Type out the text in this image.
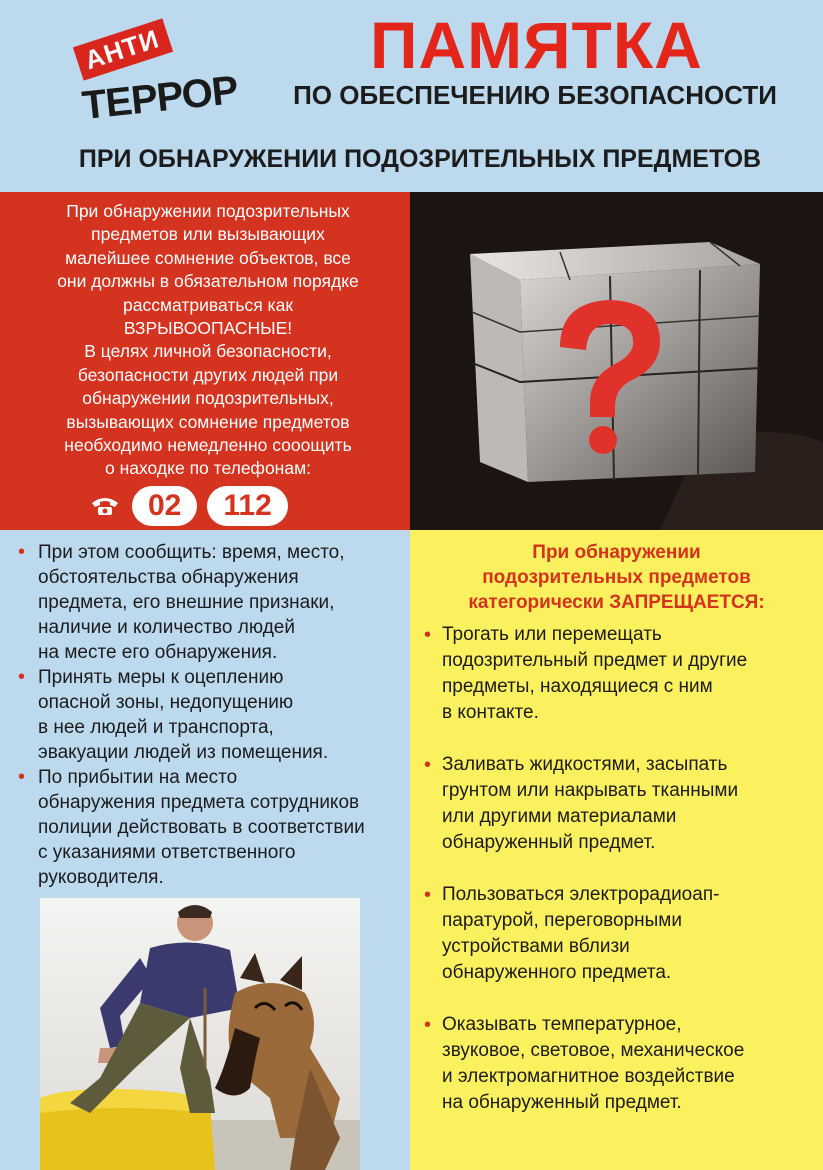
АНТИ
ТЕРРОР
ПАМЯТКА
ПО ОБЕСПЕЧЕНИЮ БЕЗОПАСНОСТИ
ПРИ ОБНАРУЖЕНИИ ПОДОЗРИТЕЛЬНЫХ ПРЕДМЕТОВ
При обнаружении подозрительных
предметов или вызывающих
малейшее сомнение объектов, все
они должны в обязательном порядке
рассматриваться как
ВЗРЫВООПАСНЫЕ!
В целях личной безопасности,
безопасности других людей при
обнаружении подозрительных,
вызывающих сомнение предметов
необходимо немедленно сооощить
о находке по телефонам:
02	112
• При этом сообщить: время, место,
обстоятельства обнаружения
предмета, его внешние признаки,
наличие и количество людей
на месте его обнаружения.
• Принять меры к оцеплению
опасной зоны, недопущению
в нее людей и транспорта,
эвакуации людей из помещения.
• По прибытии на место
обнаружения предмета сотрудников
полиции действовать в соответствии
с указаниями ответственного
руководителя.
При обнаружении
подозрительных предметов
категорически ЗАПРЕЩАЕТСЯ:
• Трогать или перемещать
подозрительный предмет и другие
предметы, находящиеся с ним
в контакте.
• Заливать жидкостями, засыпать
грунтом или накрывать тканными
или другими материалами
обнаруженный предмет.
• Пользоваться электрорадиоап-
паратурой, переговорными
устройствами вблизи
обнаруженного предмета.
• Оказывать температурное,
звуковое, световое, механическое
и электромагнитное воздействие
на обнаруженный предмет.
